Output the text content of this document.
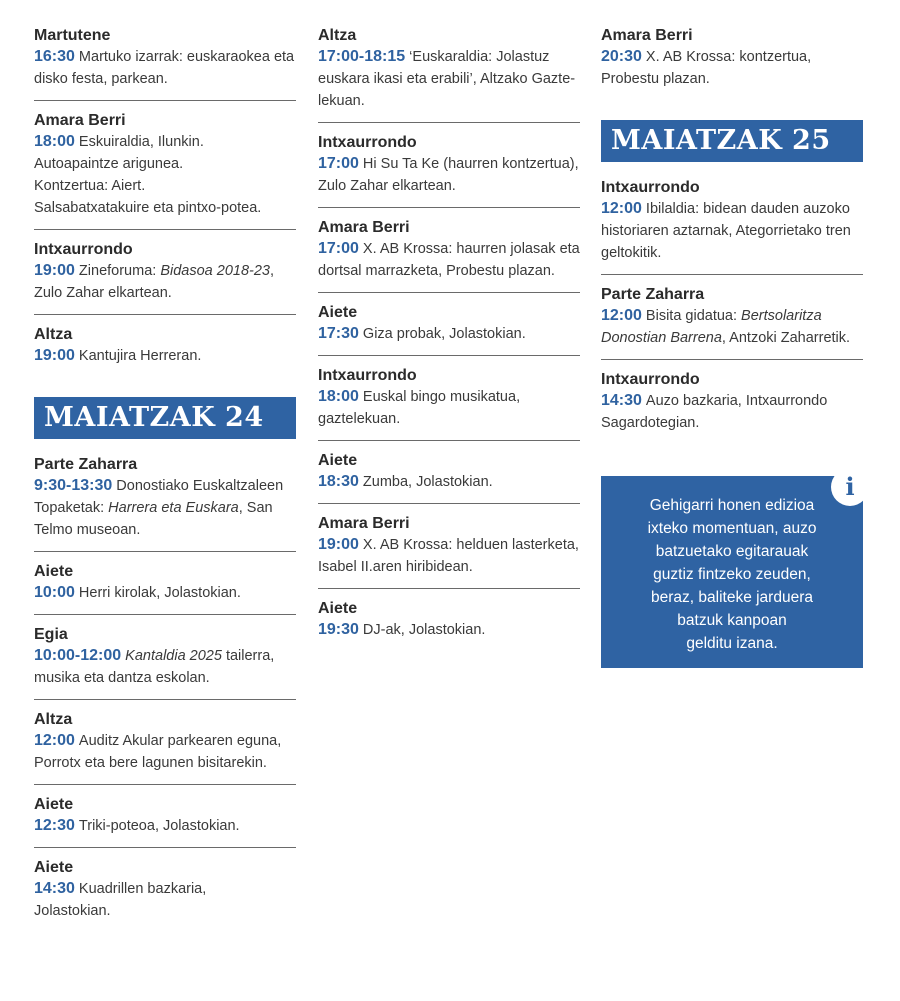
Martutene
16:30 Martuko izarrak: euskaraokea eta
disko festa, parkean.
Amara Berri
18:00 Eskuiraldia, Ilunkin.
Autoapaintze arigunea.
Kontzertua: Aiert.
Salsabatxatakuire eta pintxo-potea.
Intxaurrondo
19:00 Zineforuma: Bidasoa 2018-23,
Zulo Zahar elkartean.
Altza
19:00 Kantujira Herreran.
MAIATZAK 24
Parte Zaharra
9:30-13:30 Donostiako Euskaltzaleen
Topaketak: Harrera eta Euskara, San
Telmo museoan.
Aiete
10:00 Herri kirolak, Jolastokian.
Egia
10:00-12:00 Kantaldia 2025 tailerra,
musika eta dantza eskolan.
Altza
12:00 Auditz Akular parkearen eguna,
Porrotx eta bere lagunen bisitarekin.
Aiete
12:30 Triki-poteoa, Jolastokian.
Aiete
14:30 Kuadrillen bazkaria,
Jolastokian.
Altza
17:00-18:15 ‘Euskaraldia: Jolastuz
euskara ikasi eta erabili’, Altzako Gazte-
lekuan.
Intxaurrondo
17:00 Hi Su Ta Ke (haurren kontzertua),
Zulo Zahar elkartean.
Amara Berri
17:00 X. AB Krossa: haurren jolasak eta
dortsal marrazketa, Probestu plazan.
Aiete
17:30 Giza probak, Jolastokian.
Intxaurrondo
18:00 Euskal bingo musikatua,
gaztelekuan.
Aiete
18:30 Zumba, Jolastokian.
Amara Berri
19:00 X. AB Krossa: helduen lasterketa,
Isabel II.aren hiribidean.
Aiete
19:30 DJ-ak, Jolastokian.
Amara Berri
20:30 X. AB Krossa: kontzertua,
Probestu plazan.
MAIATZAK 25
Intxaurrondo
12:00 Ibilaldia: bidean dauden auzoko
historiaren aztarnak, Ategorrietako tren
geltokitik.
Parte Zaharra
12:00 Bisita gidatua: Bertsolaritza
Donostian Barrena, Antzoki Zaharretik.
Intxaurrondo
14:30 Auzo bazkaria, Intxaurrondo
Sagardotegian.
i
Gehigarri honen edizioa
ixteko momentuan, auzo
batzuetako egitarauak
guztiz fintzeko zeuden,
beraz, baliteke jarduera
batzuk kanpoan
gelditu izana.
